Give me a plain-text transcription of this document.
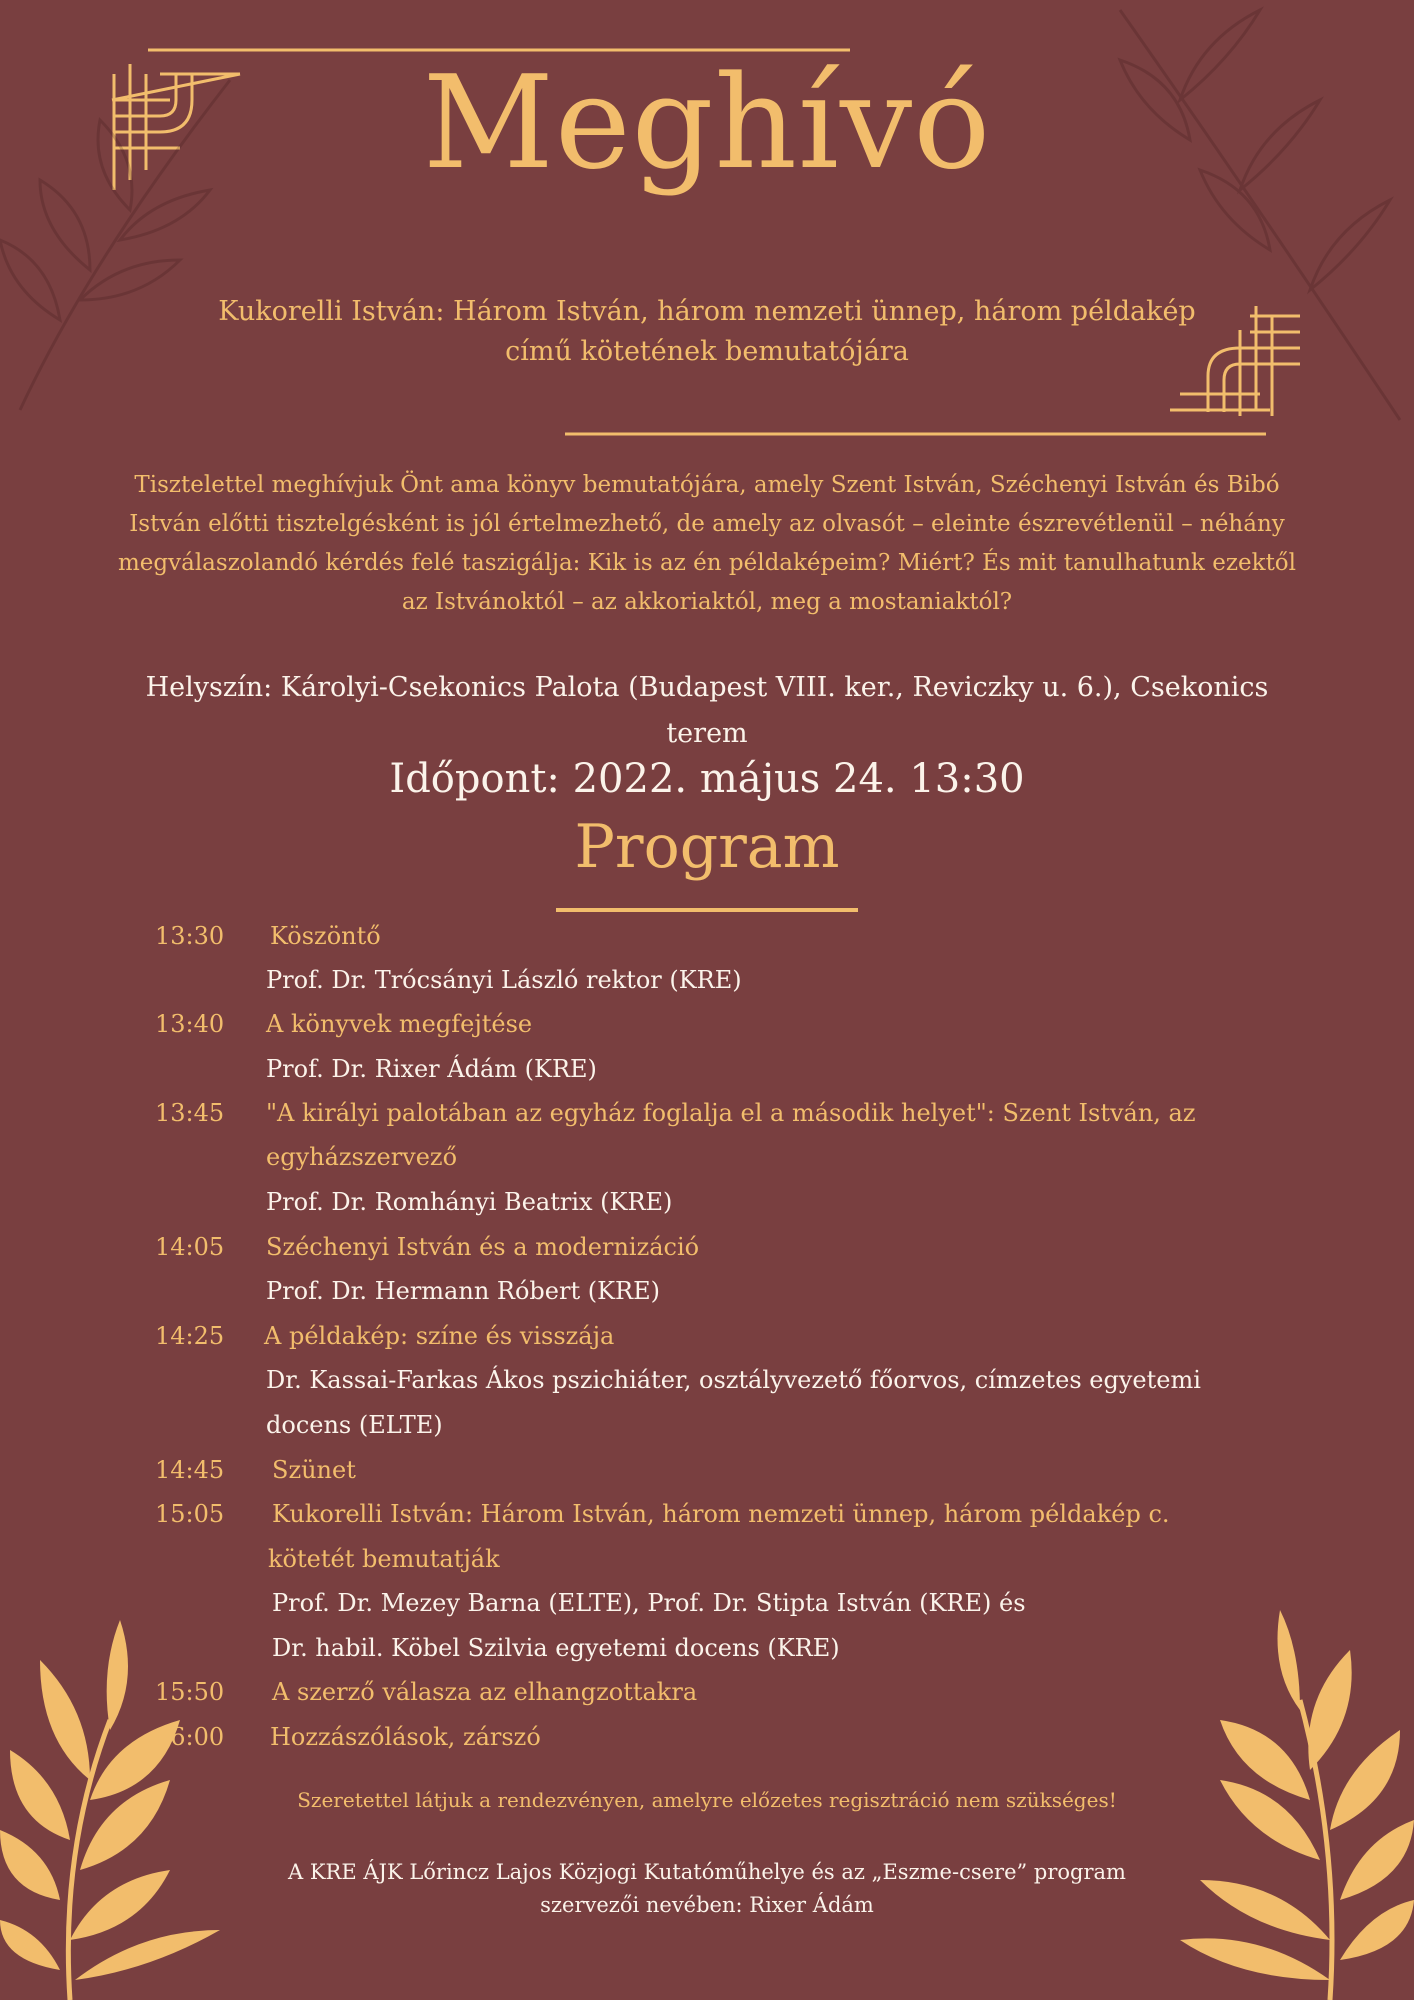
Meghívó
Kukorelli István: Három István, három nemzeti ünnep, három példakép
című kötetének bemutatójára
Tisztelettel meghívjuk Önt ama könyv bemutatójára, amely Szent István, Széchenyi István és Bibó István előtti tisztelgésként is jól értelmezhető, de amely az olvasót – eleinte észrevétlenül – néhány megválaszolandó kérdés felé taszigálja: Kik is az én példaképeim? Miért? És mit tanulhatunk ezektől az Istvánoktól – az akkoriaktól, meg a mostaniaktól?
Helyszín: Károlyi-Csekonics Palota (Budapest VIII. ker., Reviczky u. 6.), Csekonics terem
Időpont: 2022. május 24. 13:30
Program
13:30 Köszöntő
Prof. Dr. Trócsányi László rektor (KRE)
13:40 A könyvek megfejtése
Prof. Dr. Rixer Ádám (KRE)
13:45 "A királyi palotában az egyház foglalja el a második helyet": Szent István, az
egyházszervező
Prof. Dr. Romhányi Beatrix (KRE)
14:05 Széchenyi István és a modernizáció
Prof. Dr. Hermann Róbert (KRE)
14:25 A példakép: színe és visszája
Dr. Kassai-Farkas Ákos pszichiáter, osztályvezető főorvos, címzetes egyetemi
docens (ELTE)
14:45 Szünet
15:05 Kukorelli István: Három István, három nemzeti ünnep, három példakép c.
kötetét bemutatják
Prof. Dr. Mezey Barna (ELTE), Prof. Dr. Stipta István (KRE) és
Dr. habil. Köbel Szilvia egyetemi docens (KRE)
15:50 A szerző válasza az elhangzottakra
16:00 Hozzászólások, zárszó
Szeretettel látjuk a rendezvényen, amelyre előzetes regisztráció nem szükséges!
A KRE ÁJK Lőrincz Lajos Közjogi Kutatóműhelye és az „Eszme-csere” program
szervezői nevében: Rixer Ádám
